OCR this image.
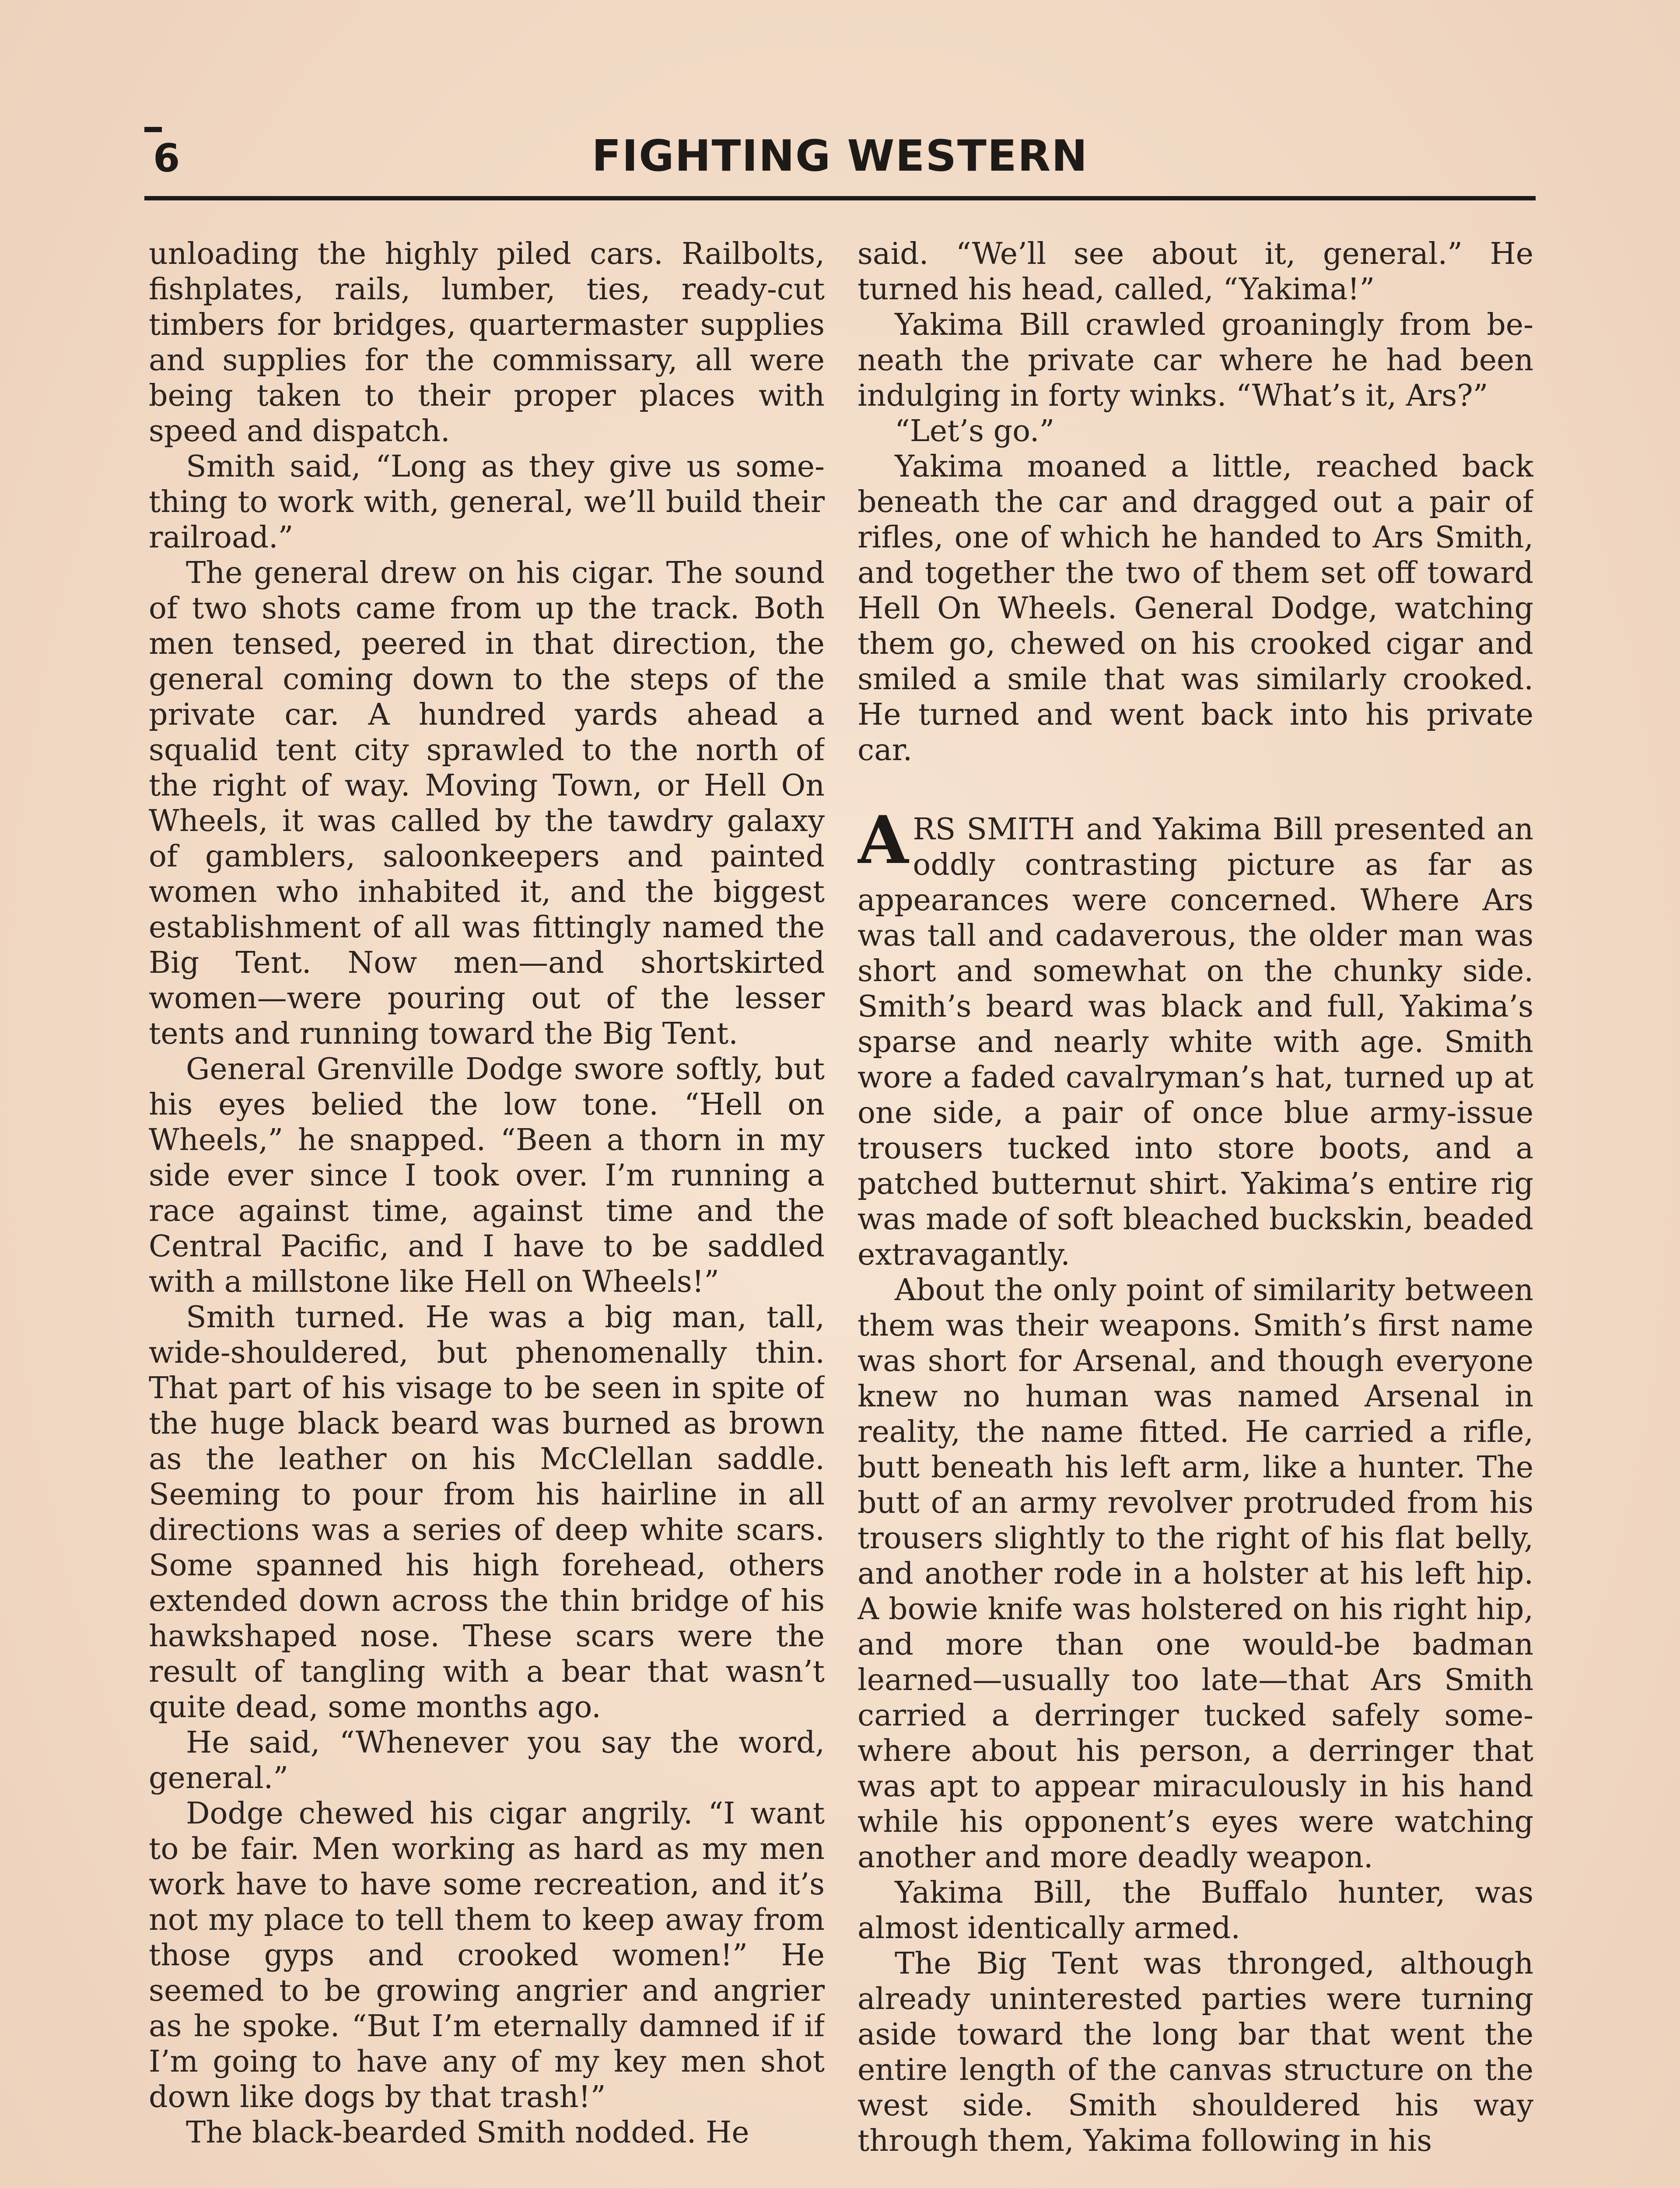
6	FIGHTING WESTERN

unloading the highly piled cars. Railbolts, fishplates, rails, lumber, ties, ready-cut timbers for bridges, quartermaster supplies and supplies for the commissary, all were being taken to their proper places with speed and dispatch.

Smith said, “Long as they give us something to work with, general, we’ll build their railroad.”

The general drew on his cigar. The sound of two shots came from up the track. Both men tensed, peered in that direction, the general coming down to the steps of the private car. A hundred yards ahead a squalid tent city sprawled to the north of the right of way. Moving Town, or Hell On Wheels, it was called by the tawdry galaxy of gamblers, saloonkeepers and painted women who inhabited it, and the biggest establishment of all was fittingly named the Big Tent. Now men—and shortskirted women—were pouring out of the lesser tents and running toward the Big Tent.

General Grenville Dodge swore softly, but his eyes belied the low tone. “Hell on Wheels,” he snapped. “Been a thorn in my side ever since I took over. I’m running a race against time, against time and the Central Pacific, and I have to be saddled with a millstone like Hell on Wheels!”

Smith turned. He was a big man, tall, wide-shouldered, but phenomenally thin. That part of his visage to be seen in spite of the huge black beard was burned as brown as the leather on his McClellan saddle. Seeming to pour from his hairline in all directions was a series of deep white scars. Some spanned his high forehead, others extended down across the thin bridge of his hawkshaped nose. These scars were the result of tangling with a bear that wasn’t quite dead, some months ago.

He said, “Whenever you say the word, general.”

Dodge chewed his cigar angrily. “I want to be fair. Men working as hard as my men work have to have some recreation, and it’s not my place to tell them to keep away from those gyps and crooked women!” He seemed to be growing angrier and angrier as he spoke. “But I’m eternally damned if if I’m going to have any of my key men shot down like dogs by that trash!”

The black-bearded Smith nodded. He

said. “We’ll see about it, general.” He turned his head, called, “Yakima!”

Yakima Bill crawled groaningly from beneath the private car where he had been indulging in forty winks. “What’s it, Ars?”

“Let’s go.”

Yakima moaned a little, reached back beneath the car and dragged out a pair of rifles, one of which he handed to Ars Smith, and together the two of them set off toward Hell On Wheels. General Dodge, watching them go, chewed on his crooked cigar and smiled a smile that was similarly crooked. He turned and went back into his private car.

ARS SMITH and Yakima Bill presented an oddly contrasting picture as far as appearances were concerned. Where Ars was tall and cadaverous, the older man was short and somewhat on the chunky side. Smith’s beard was black and full, Yakima’s sparse and nearly white with age. Smith wore a faded cavalryman’s hat, turned up at one side, a pair of once blue army-issue trousers tucked into store boots, and a patched butternut shirt. Yakima’s entire rig was made of soft bleached buckskin, beaded extravagantly.

About the only point of similarity between them was their weapons. Smith’s first name was short for Arsenal, and though everyone knew no human was named Arsenal in reality, the name fitted. He carried a rifle, butt beneath his left arm, like a hunter. The butt of an army revolver protruded from his trousers slightly to the right of his flat belly, and another rode in a holster at his left hip. A bowie knife was holstered on his right hip, and more than one would-be badman learned—usually too late—that Ars Smith carried a derringer tucked safely somewhere about his person, a derringer that was apt to appear miraculously in his hand while his opponent’s eyes were watching another and more deadly weapon.

Yakima Bill, the Buffalo hunter, was almost identically armed.

The Big Tent was thronged, although already uninterested parties were turning aside toward the long bar that went the entire length of the canvas structure on the west side. Smith shouldered his way through them, Yakima following in his
